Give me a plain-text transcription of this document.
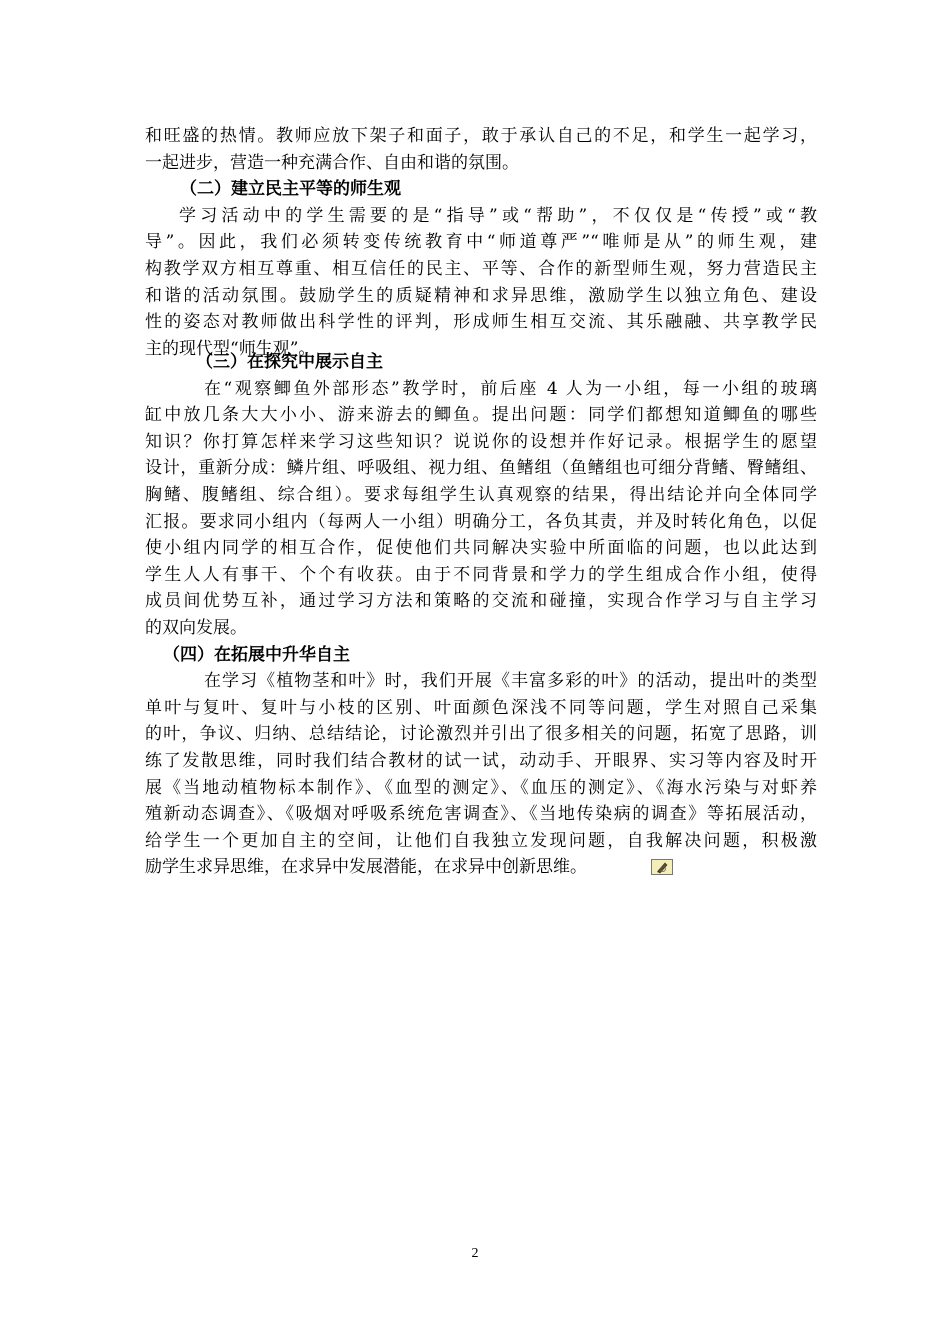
和旺盛的热情。教师应放下架子和面子，敢于承认自己的不足，和学生一起学习，
一起进步，营造一种充满合作、自由和谐的氛围。
（二）建立民主平等的师生观
学习活动中的学生需要的是“指导”或“帮助”，不仅仅是“传授”或“教
导”。因此，我们必须转变传统教育中“师道尊严”“唯师是从”的师生观，建
构教学双方相互尊重、相互信任的民主、平等、合作的新型师生观，努力营造民主
和谐的活动氛围。鼓励学生的质疑精神和求异思维，激励学生以独立角色、建设
性的姿态对教师做出科学性的评判，形成师生相互交流、其乐融融、共享教学民
主的现代型“师生观”。
（三）在探究中展示自主
在“观察鲫鱼外部形态”教学时，前后座 4 人为一小组，每一小组的玻璃
缸中放几条大大小小、游来游去的鲫鱼。提出问题：同学们都想知道鲫鱼的哪些
知识？你打算怎样来学习这些知识？说说你的设想并作好记录。根据学生的愿望
设计，重新分成：鳞片组、呼吸组、视力组、鱼鳍组（鱼鳍组也可细分背鳍、臀鳍组、
胸鳍、腹鳍组、综合组）。要求每组学生认真观察的结果，得出结论并向全体同学
汇报。要求同小组内（每两人一小组）明确分工，各负其责，并及时转化角色，以促
使小组内同学的相互合作，促使他们共同解决实验中所面临的问题，也以此达到
学生人人有事干、个个有收获。由于不同背景和学力的学生组成合作小组，使得
成员间优势互补，通过学习方法和策略的交流和碰撞，实现合作学习与自主学习
的双向发展。
（四）在拓展中升华自主
在学习《植物茎和叶》时，我们开展《丰富多彩的叶》的活动，提出叶的类型
单叶与复叶、复叶与小枝的区别、叶面颜色深浅不同等问题，学生对照自己采集
的叶，争议、归纳、总结结论，讨论激烈并引出了很多相关的问题，拓宽了思路，训
练了发散思维，同时我们结合教材的试一试，动动手、开眼界、实习等内容及时开
展《当地动植物标本制作》、《血型的测定》、《血压的测定》、《海水污染与对虾养
殖新动态调查》、《吸烟对呼吸系统危害调查》、《当地传染病的调查》等拓展活动，
给学生一个更加自主的空间，让他们自我独立发现问题，自我解决问题，积极激
励学生求异思维，在求异中发展潜能，在求异中创新思维。
2
